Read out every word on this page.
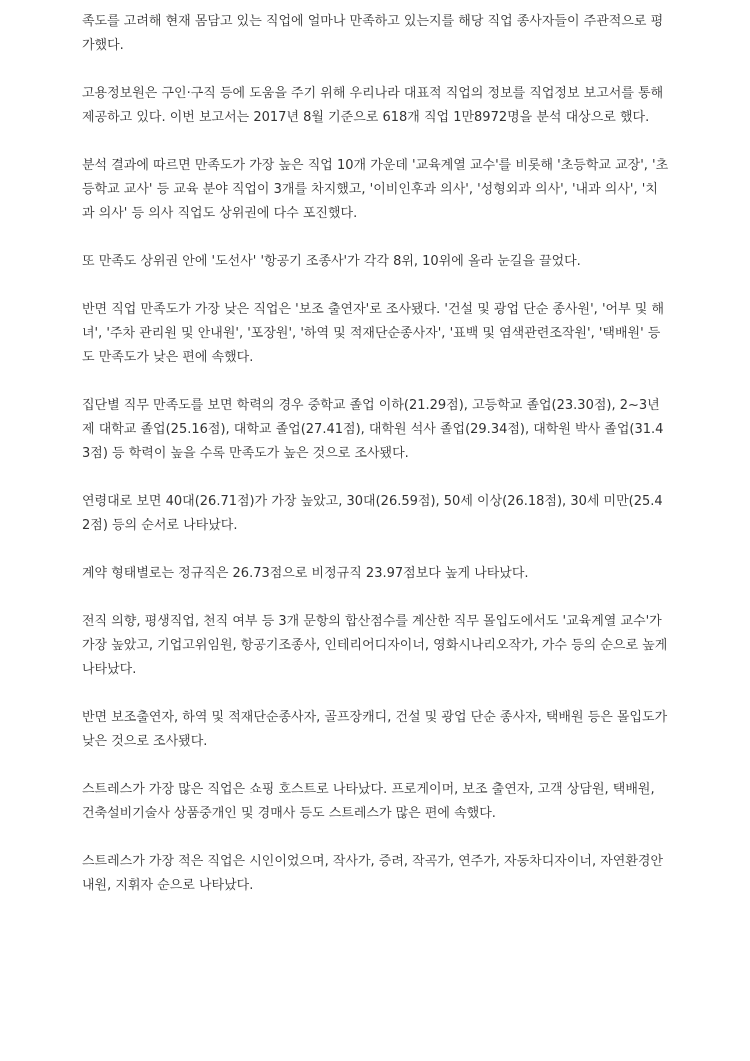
족도를 고려해 현재 몸담고 있는 직업에 얼마나 만족하고 있는지를 해당 직업 종사자들이 주관적으로 평가했다.

고용정보원은 구인·구직 등에 도움을 주기 위해 우리나라 대표적 직업의 정보를 직업정보 보고서를 통해 제공하고 있다. 이번 보고서는 2017년 8월 기준으로 618개 직업 1만8972명을 분석 대상으로 했다.

분석 결과에 따르면 만족도가 가장 높은 직업 10개 가운데 '교육계열 교수'를 비롯해 '초등학교 교장', '초등학교 교사' 등 교육 분야 직업이 3개를 차지했고, '이비인후과 의사', '성형외과 의사', '내과 의사', '치과 의사' 등 의사 직업도 상위권에 다수 포진했다.

또 만족도 상위권 안에 '도선사' '항공기 조종사'가 각각 8위, 10위에 올라 눈길을 끌었다.

반면 직업 만족도가 가장 낮은 직업은 '보조 출연자'로 조사됐다. '건설 및 광업 단순 종사원', '어부 및 해녀', '주차 관리원 및 안내원', '포장원', '하역 및 적재단순종사자', '표백 및 염색관련조작원', '택배원' 등도 만족도가 낮은 편에 속했다.

집단별 직무 만족도를 보면 학력의 경우 중학교 졸업 이하(21.29점), 고등학교 졸업(23.30점), 2~3년제 대학교 졸업(25.16점), 대학교 졸업(27.41점), 대학원 석사 졸업(29.34점), 대학원 박사 졸업(31.43점) 등 학력이 높을 수록 만족도가 높은 것으로 조사됐다.

연령대로 보면 40대(26.71점)가 가장 높았고, 30대(26.59점), 50세 이상(26.18점), 30세 미만(25.42점) 등의 순서로 나타났다.

계약 형태별로는 정규직은 26.73점으로 비정규직 23.97점보다 높게 나타났다.

전직 의향, 평생직업, 천직 여부 등 3개 문항의 합산점수를 계산한 직무 몰입도에서도 '교육계열 교수'가 가장 높았고, 기업고위임원, 항공기조종사, 인테리어디자이너, 영화시나리오작가, 가수 등의 순으로 높게 나타났다.

반면 보조출연자, 하역 및 적재단순종사자, 골프장캐디, 건설 및 광업 단순 종사자, 택배원 등은 몰입도가 낮은 것으로 조사됐다.

스트레스가 가장 많은 직업은 쇼핑 호스트로 나타났다. 프로게이머, 보조 출연자, 고객 상담원, 택배원, 건축설비기술사 상품중개인 및 경매사 등도 스트레스가 많은 편에 속했다.

스트레스가 가장 적은 직업은 시인이었으며, 작사가, 증려, 작곡가, 연주가, 자동차디자이너, 자연환경안내원, 지휘자 순으로 나타났다.
